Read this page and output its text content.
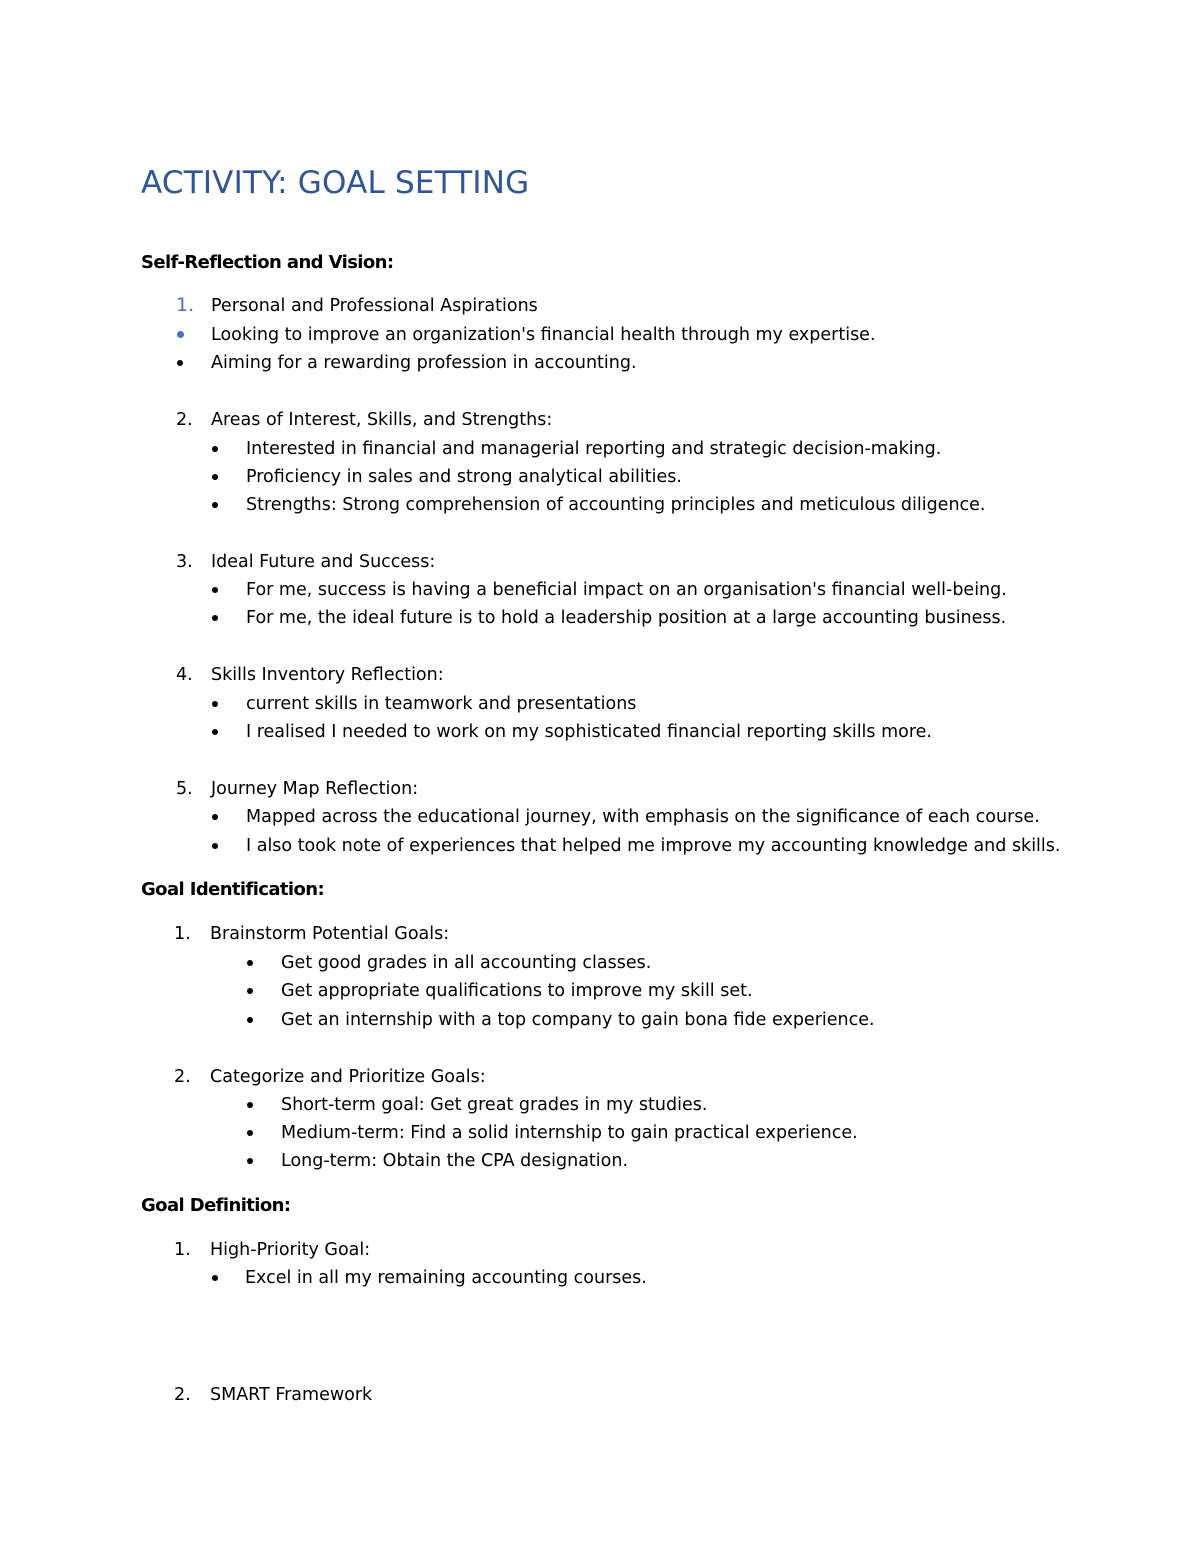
ACTIVITY: GOAL SETTING
Self-Reflection and Vision:
1. Personal and Professional Aspirations
Looking to improve an organization's financial health through my expertise.
Aiming for a rewarding profession in accounting.
2. Areas of Interest, Skills, and Strengths:
Interested in financial and managerial reporting and strategic decision-making.
Proficiency in sales and strong analytical abilities.
Strengths: Strong comprehension of accounting principles and meticulous diligence.
3. Ideal Future and Success:
For me, success is having a beneficial impact on an organisation's financial well-being.
For me, the ideal future is to hold a leadership position at a large accounting business.
4. Skills Inventory Reflection:
current skills in teamwork and presentations
I realised I needed to work on my sophisticated financial reporting skills more.
5. Journey Map Reflection:
Mapped across the educational journey, with emphasis on the significance of each course.
I also took note of experiences that helped me improve my accounting knowledge and skills.
Goal Identification:
1. Brainstorm Potential Goals:
Get good grades in all accounting classes.
Get appropriate qualifications to improve my skill set.
Get an internship with a top company to gain bona fide experience.
2. Categorize and Prioritize Goals:
Short-term goal: Get great grades in my studies.
Medium-term: Find a solid internship to gain practical experience.
Long-term: Obtain the CPA designation.
Goal Definition:
1. High-Priority Goal:
Excel in all my remaining accounting courses.
2. SMART Framework
